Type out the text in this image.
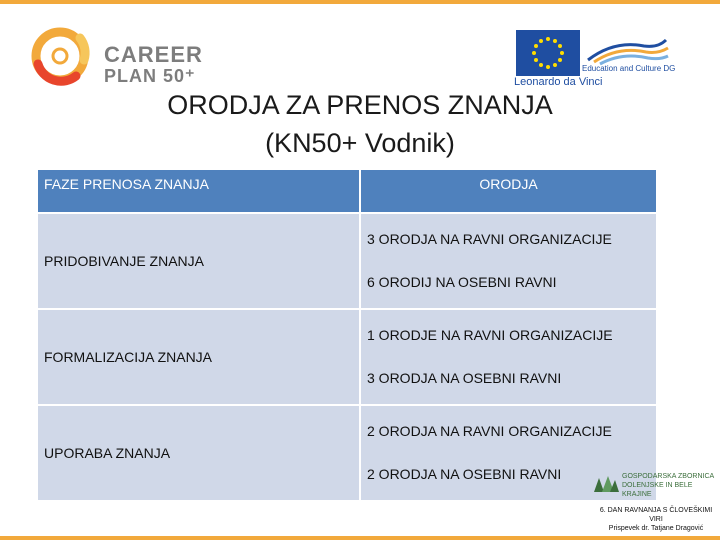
CAREER
PLAN 50⁺	Leonardo da Vinci
Education and Culture DG
ORODJA ZA PRENOS ZNANJA
(KN50+ Vodnik)
FAZE PRENOSA ZNANJA	ORODJA
PRIDOBIVANJE ZNANJA	3 ORODJA NA RAVNI ORGANIZACIJE
6 ORODIJ NA OSEBNI RAVNI

FORMALIZACIJA ZNANJA	1 ORODJE NA RAVNI ORGANIZACIJE
3 ORODJA NA OSEBNI RAVNI

UPORABA ZNANJA	2 ORODJA NA RAVNI ORGANIZACIJE
2 ORODJA NA OSEBNI RAVNI	GOSPODARSKA ZBORNICA
DOLENJSKE IN BELE KRAJINE
6. DAN RAVNANJA S ČLOVEŠKIMI
VIRI
Prispevek dr. Tatjane Dragović
